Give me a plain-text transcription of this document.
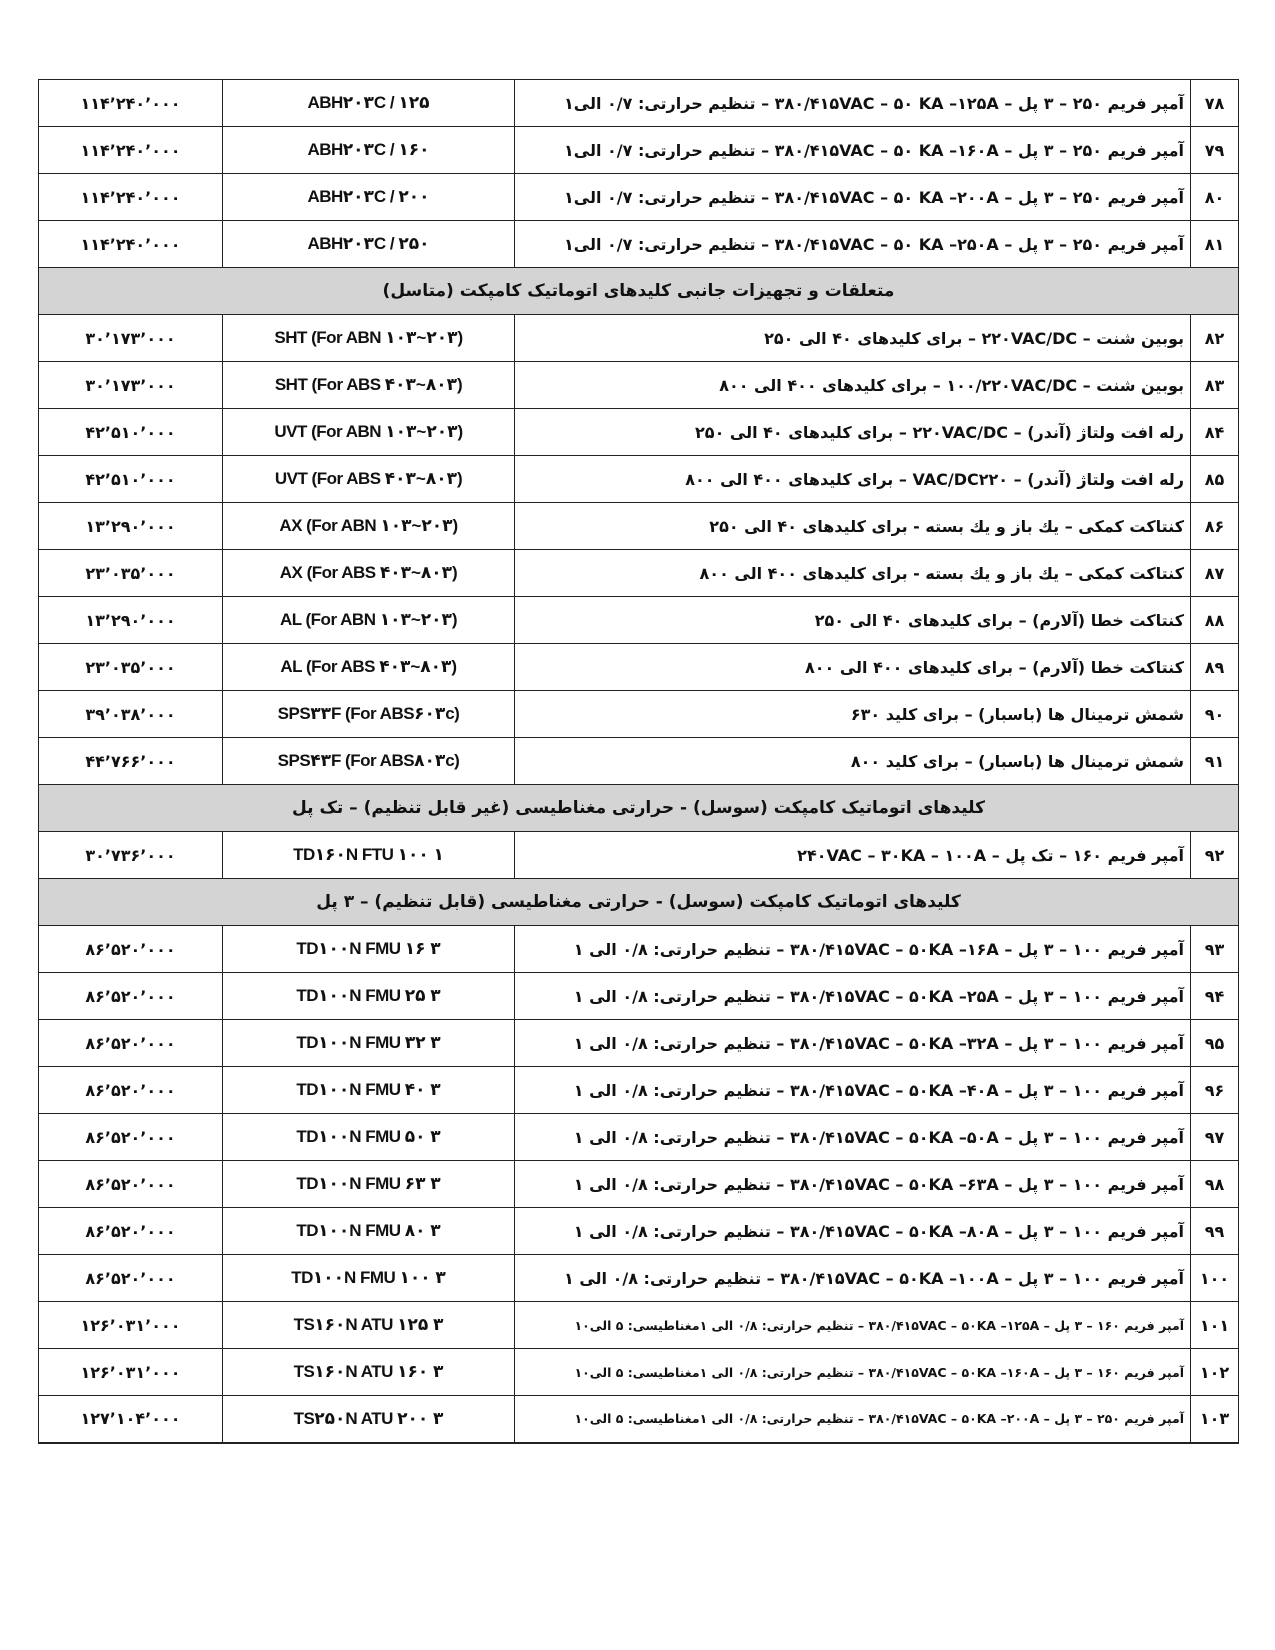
۷۸	آمپر فریم ۲۵۰ – ۳ پل – ۳۸۰/۴۱۵VAC – ۵۰ KA –۱۲۵A – تنظیم حرارتی: ۰/۷ الی۱	ABH۲۰۳C / ۱۲۵	۱۱۴٬۲۴۰٬۰۰۰
۷۹	آمپر فریم ۲۵۰ – ۳ پل – ۳۸۰/۴۱۵VAC – ۵۰ KA –۱۶۰A – تنظیم حرارتی: ۰/۷ الی۱	ABH۲۰۳C / ۱۶۰	۱۱۴٬۲۴۰٬۰۰۰
۸۰	آمپر فریم ۲۵۰ – ۳ پل – ۳۸۰/۴۱۵VAC – ۵۰ KA –۲۰۰A – تنظیم حرارتی: ۰/۷ الی۱	ABH۲۰۳C / ۲۰۰	۱۱۴٬۲۴۰٬۰۰۰
۸۱	آمپر فریم ۲۵۰ – ۳ پل – ۳۸۰/۴۱۵VAC – ۵۰ KA –۲۵۰A – تنظیم حرارتی: ۰/۷ الی۱	ABH۲۰۳C / ۲۵۰	۱۱۴٬۲۴۰٬۰۰۰
متعلقات و تجهیزات جانبی کلیدهای اتوماتیک کامپکت (متاسل)			
۸۲	بوبین شنت – ۲۲۰VAC/DC – برای کلیدهای ۴۰ الی ۲۵۰	SHT (For ABN ۱۰۳~۲۰۳)	۳۰٬۱۷۳٬۰۰۰
۸۳	بوبین شنت – ۱۰۰/۲۲۰VAC/DC – برای کلیدهای ۴۰۰ الی ۸۰۰	SHT (For ABS ۴۰۳~۸۰۳)	۳۰٬۱۷۳٬۰۰۰
۸۴	رله افت ولتاژ (آندر) – ۲۲۰VAC/DC – برای کلیدهای ۴۰ الی ۲۵۰	UVT (For ABN ۱۰۳~۲۰۳)	۴۲٬۵۱۰٬۰۰۰
۸۵	رله افت ولتاژ (آندر) – VAC/DC۲۲۰ – برای کلیدهای ۴۰۰ الی ۸۰۰	UVT (For ABS ۴۰۳~۸۰۳)	۴۲٬۵۱۰٬۰۰۰
۸۶	کنتاکت کمکی – یك باز و یك بسته - برای کلیدهای ۴۰ الی ۲۵۰	AX (For ABN ۱۰۳~۲۰۳)	۱۳٬۲۹۰٬۰۰۰
۸۷	کنتاکت کمکی – یك باز و یك بسته - برای کلیدهای ۴۰۰ الی ۸۰۰	AX (For ABS ۴۰۳~۸۰۳)	۲۳٬۰۳۵٬۰۰۰
۸۸	کنتاکت خطا (آلارم) – برای کلیدهای ۴۰ الی ۲۵۰	AL (For ABN ۱۰۳~۲۰۳)	۱۳٬۲۹۰٬۰۰۰
۸۹	کنتاکت خطا (آلارم) – برای کلیدهای ۴۰۰ الی ۸۰۰	AL (For ABS ۴۰۳~۸۰۳)	۲۳٬۰۳۵٬۰۰۰
۹۰	شمش ترمینال ها (باسبار) – برای کلید ۶۳۰	SPS۳۳F (For ABS۶۰۳c)	۳۹٬۰۳۸٬۰۰۰
۹۱	شمش ترمینال ها (باسبار) – برای کلید ۸۰۰	SPS۴۳F (For ABS۸۰۳c)	۴۴٬۷۶۶٬۰۰۰
کلیدهای اتوماتیک کامپکت (سوسل) - حرارتی مغناطیسی (غیر قابل تنظیم) – تک پل			
۹۲	آمپر فریم ۱۶۰ – تک پل – ۲۴۰VAC – ۳۰KA – ۱۰۰A	TD۱۶۰N FTU ۱۰۰ ۱	۳۰٬۷۳۶٬۰۰۰
کلیدهای اتوماتیک کامپکت (سوسل) - حرارتی مغناطیسی (قابل تنظیم) – ۳ پل			
۹۳	آمپر فریم ۱۰۰ – ۳ پل – ۳۸۰/۴۱۵VAC – ۵۰KA –۱۶A – تنظیم حرارتی: ۰/۸ الی ۱	TD۱۰۰N FMU ۱۶ ۳	۸۶٬۵۲۰٬۰۰۰
۹۴	آمپر فریم ۱۰۰ – ۳ پل – ۳۸۰/۴۱۵VAC – ۵۰KA –۲۵A – تنظیم حرارتی: ۰/۸ الی ۱	TD۱۰۰N FMU ۲۵ ۳	۸۶٬۵۲۰٬۰۰۰
۹۵	آمپر فریم ۱۰۰ – ۳ پل – ۳۸۰/۴۱۵VAC – ۵۰KA –۳۲A – تنظیم حرارتی: ۰/۸ الی ۱	TD۱۰۰N FMU ۳۲ ۳	۸۶٬۵۲۰٬۰۰۰
۹۶	آمپر فریم ۱۰۰ – ۳ پل – ۳۸۰/۴۱۵VAC – ۵۰KA –۴۰A – تنظیم حرارتی: ۰/۸ الی ۱	TD۱۰۰N FMU ۴۰ ۳	۸۶٬۵۲۰٬۰۰۰
۹۷	آمپر فریم ۱۰۰ – ۳ پل – ۳۸۰/۴۱۵VAC – ۵۰KA –۵۰A – تنظیم حرارتی: ۰/۸ الی ۱	TD۱۰۰N FMU ۵۰ ۳	۸۶٬۵۲۰٬۰۰۰
۹۸	آمپر فریم ۱۰۰ – ۳ پل – ۳۸۰/۴۱۵VAC – ۵۰KA –۶۳A – تنظیم حرارتی: ۰/۸ الی ۱	TD۱۰۰N FMU ۶۳ ۳	۸۶٬۵۲۰٬۰۰۰
۹۹	آمپر فریم ۱۰۰ – ۳ پل – ۳۸۰/۴۱۵VAC – ۵۰KA –۸۰A – تنظیم حرارتی: ۰/۸ الی ۱	TD۱۰۰N FMU ۸۰ ۳	۸۶٬۵۲۰٬۰۰۰
۱۰۰	آمپر فریم ۱۰۰ – ۳ پل – ۳۸۰/۴۱۵VAC – ۵۰KA –۱۰۰A – تنظیم حرارتی: ۰/۸ الی ۱	TD۱۰۰N FMU ۱۰۰ ۳	۸۶٬۵۲۰٬۰۰۰
۱۰۱	آمپر فریم ۱۶۰ – ۳ پل – ۳۸۰/۴۱۵VAC – ۵۰KA –۱۲۵A – تنظیم حرارتی: ۰/۸ الی ۱مغناطیسی: ۵ الی۱۰	TS۱۶۰N ATU ۱۲۵ ۳	۱۲۶٬۰۳۱٬۰۰۰
۱۰۲	آمپر فریم ۱۶۰ – ۳ پل – ۳۸۰/۴۱۵VAC – ۵۰KA –۱۶۰A – تنظیم حرارتی: ۰/۸ الی ۱مغناطیسی: ۵ الی۱۰	TS۱۶۰N ATU ۱۶۰ ۳	۱۲۶٬۰۳۱٬۰۰۰
۱۰۳	آمپر فریم ۲۵۰ – ۳ پل – ۳۸۰/۴۱۵VAC – ۵۰KA –۲۰۰A – تنظیم حرارتی: ۰/۸ الی ۱مغناطیسی: ۵ الی۱۰	TS۲۵۰N ATU ۲۰۰ ۳	۱۲۷٬۱۰۴٬۰۰۰
